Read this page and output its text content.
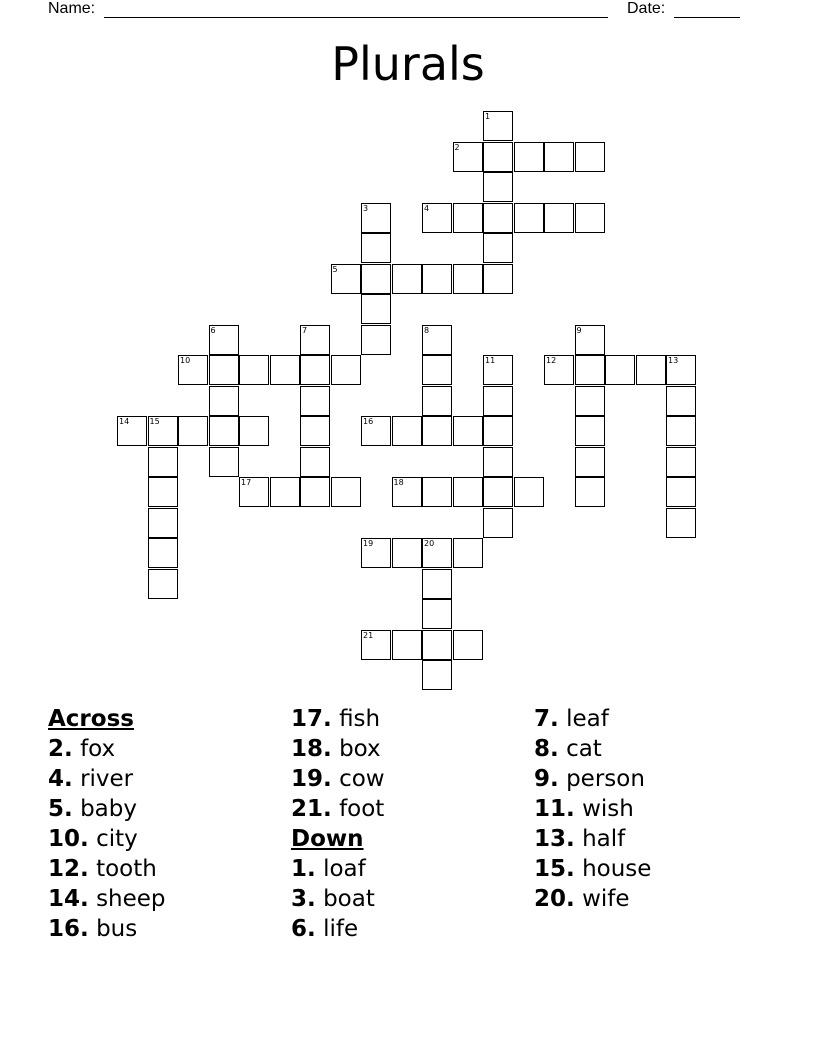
Name:	Date:
Plurals
1
2
3	4
5
6	7	8	9
10	11	12	13
14	15	16
17	18
19	20
21
Across
2. fox
4. river
5. baby
10. city
12. tooth
14. sheep
16. bus
17. fish
18. box
19. cow
21. foot
Down
1. loaf
3. boat
6. life
7. leaf
8. cat
9. person
11. wish
13. half
15. house
20. wife
